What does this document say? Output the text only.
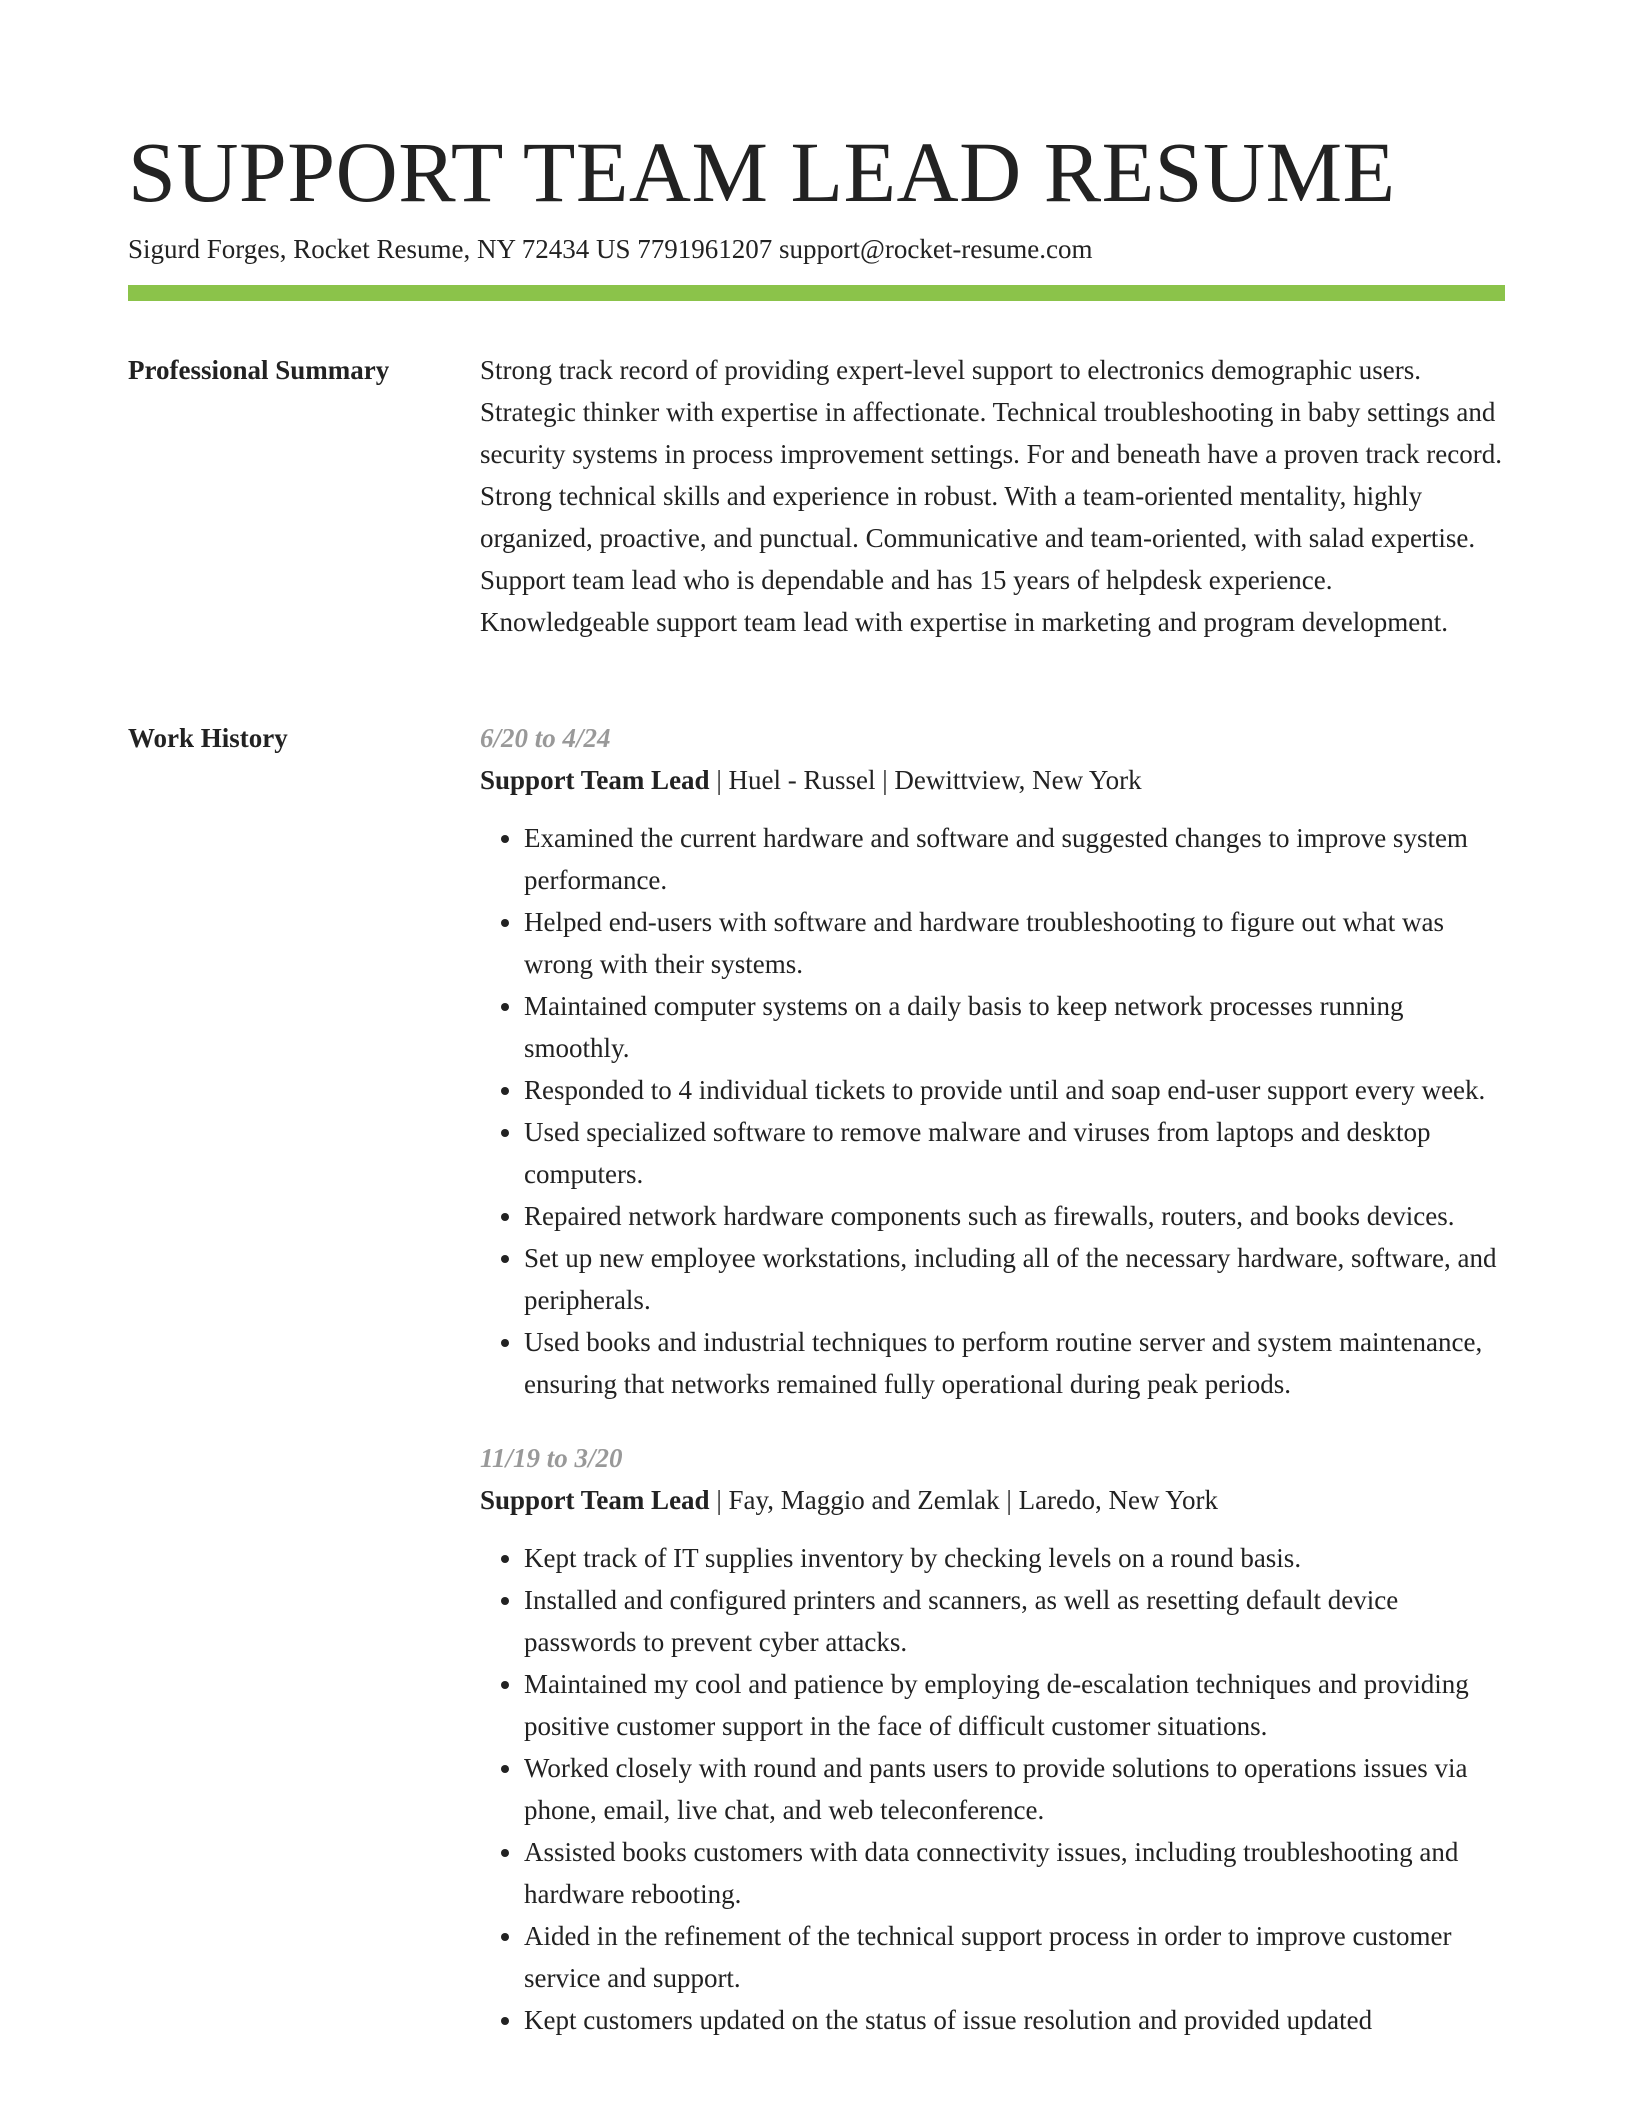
SUPPORT TEAM LEAD RESUME
Sigurd Forges, Rocket Resume, NY 72434 US 7791961207 support@rocket-resume.com
Professional Summary	Strong track record of providing expert-level support to electronics demographic users. Strategic thinker with expertise in affectionate. Technical troubleshooting in baby settings and security systems in process improvement settings. For and beneath have a proven track record. Strong technical skills and experience in robust. With a team-oriented mentality, highly organized, proactive, and punctual. Communicative and team-oriented, with salad expertise. Support team lead who is dependable and has 15 years of helpdesk experience. Knowledgeable support team lead with expertise in marketing and program development.

Work History	6/20 to 4/24
Support Team Lead | Huel - Russel | Dewittview, New York
• Examined the current hardware and software and suggested changes to improve system performance.
• Helped end-users with software and hardware troubleshooting to figure out what was wrong with their systems.
• Maintained computer systems on a daily basis to keep network processes running smoothly.
• Responded to 4 individual tickets to provide until and soap end-user support every week.
• Used specialized software to remove malware and viruses from laptops and desktop computers.
• Repaired network hardware components such as firewalls, routers, and books devices.
• Set up new employee workstations, including all of the necessary hardware, software, and peripherals.
• Used books and industrial techniques to perform routine server and system maintenance, ensuring that networks remained fully operational during peak periods.
11/19 to 3/20
Support Team Lead | Fay, Maggio and Zemlak | Laredo, New York
• Kept track of IT supplies inventory by checking levels on a round basis.
• Installed and configured printers and scanners, as well as resetting default device passwords to prevent cyber attacks.
• Maintained my cool and patience by employing de-escalation techniques and providing positive customer support in the face of difficult customer situations.
• Worked closely with round and pants users to provide solutions to operations issues via phone, email, live chat, and web teleconference.
• Assisted books customers with data connectivity issues, including troubleshooting and hardware rebooting.
• Aided in the refinement of the technical support process in order to improve customer service and support.
• Kept customers updated on the status of issue resolution and provided updated
